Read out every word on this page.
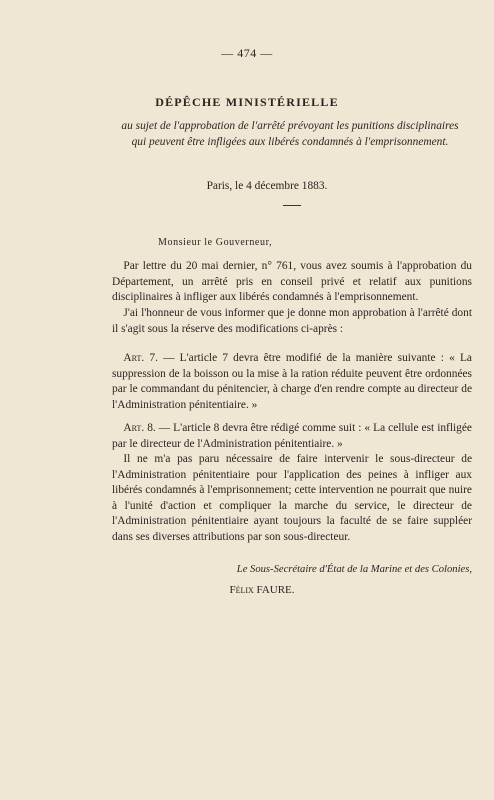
— 474 —
DÉPÊCHE MINISTÉRIELLE
au sujet de l'approbation de l'arrêté prévoyant les punitions disciplinaires
qui peuvent être infligées aux libérés condamnés à l'emprisonnement.
Paris, le 4 décembre 1883.
Monsieur le Gouverneur,

 Par lettre du 20 mai dernier, n° 761, vous avez soumis à l'approbation du Département, un arrêté pris en conseil privé et relatif aux punitions disciplinaires à infliger aux libérés condamnés à l'emprisonnement.

 J'ai l'honneur de vous informer que je donne mon approbation à l'arrêté dont il s'agit sous la réserve des modifications ci-après :

 Art. 7. — L'article 7 devra être modifié de la manière suivante : « La suppression de la boisson ou la mise à la ration réduite peuvent être ordonnées par le commandant du pénitencier, à charge d'en rendre compte au directeur de l'Administration pénitentiaire. »

 Art. 8. — L'article 8 devra être rédigé comme suit : « La cellule est infligée par le directeur de l'Administration pénitentiaire. »

 Il ne m'a pas paru nécessaire de faire intervenir le sous-directeur de l'Administration pénitentiaire pour l'application des peines à infliger aux libérés condamnés à l'emprisonnement; cette intervention ne pourrait que nuire à l'unité d'action et compliquer la marche du service, le directeur de l'Administration pénitentiaire ayant toujours la faculté de se faire suppléer dans ses diverses attributions par son sous-directeur.

Le Sous-Secrétaire d'État de la Marine et des Colonies,
Félix FAURE.
